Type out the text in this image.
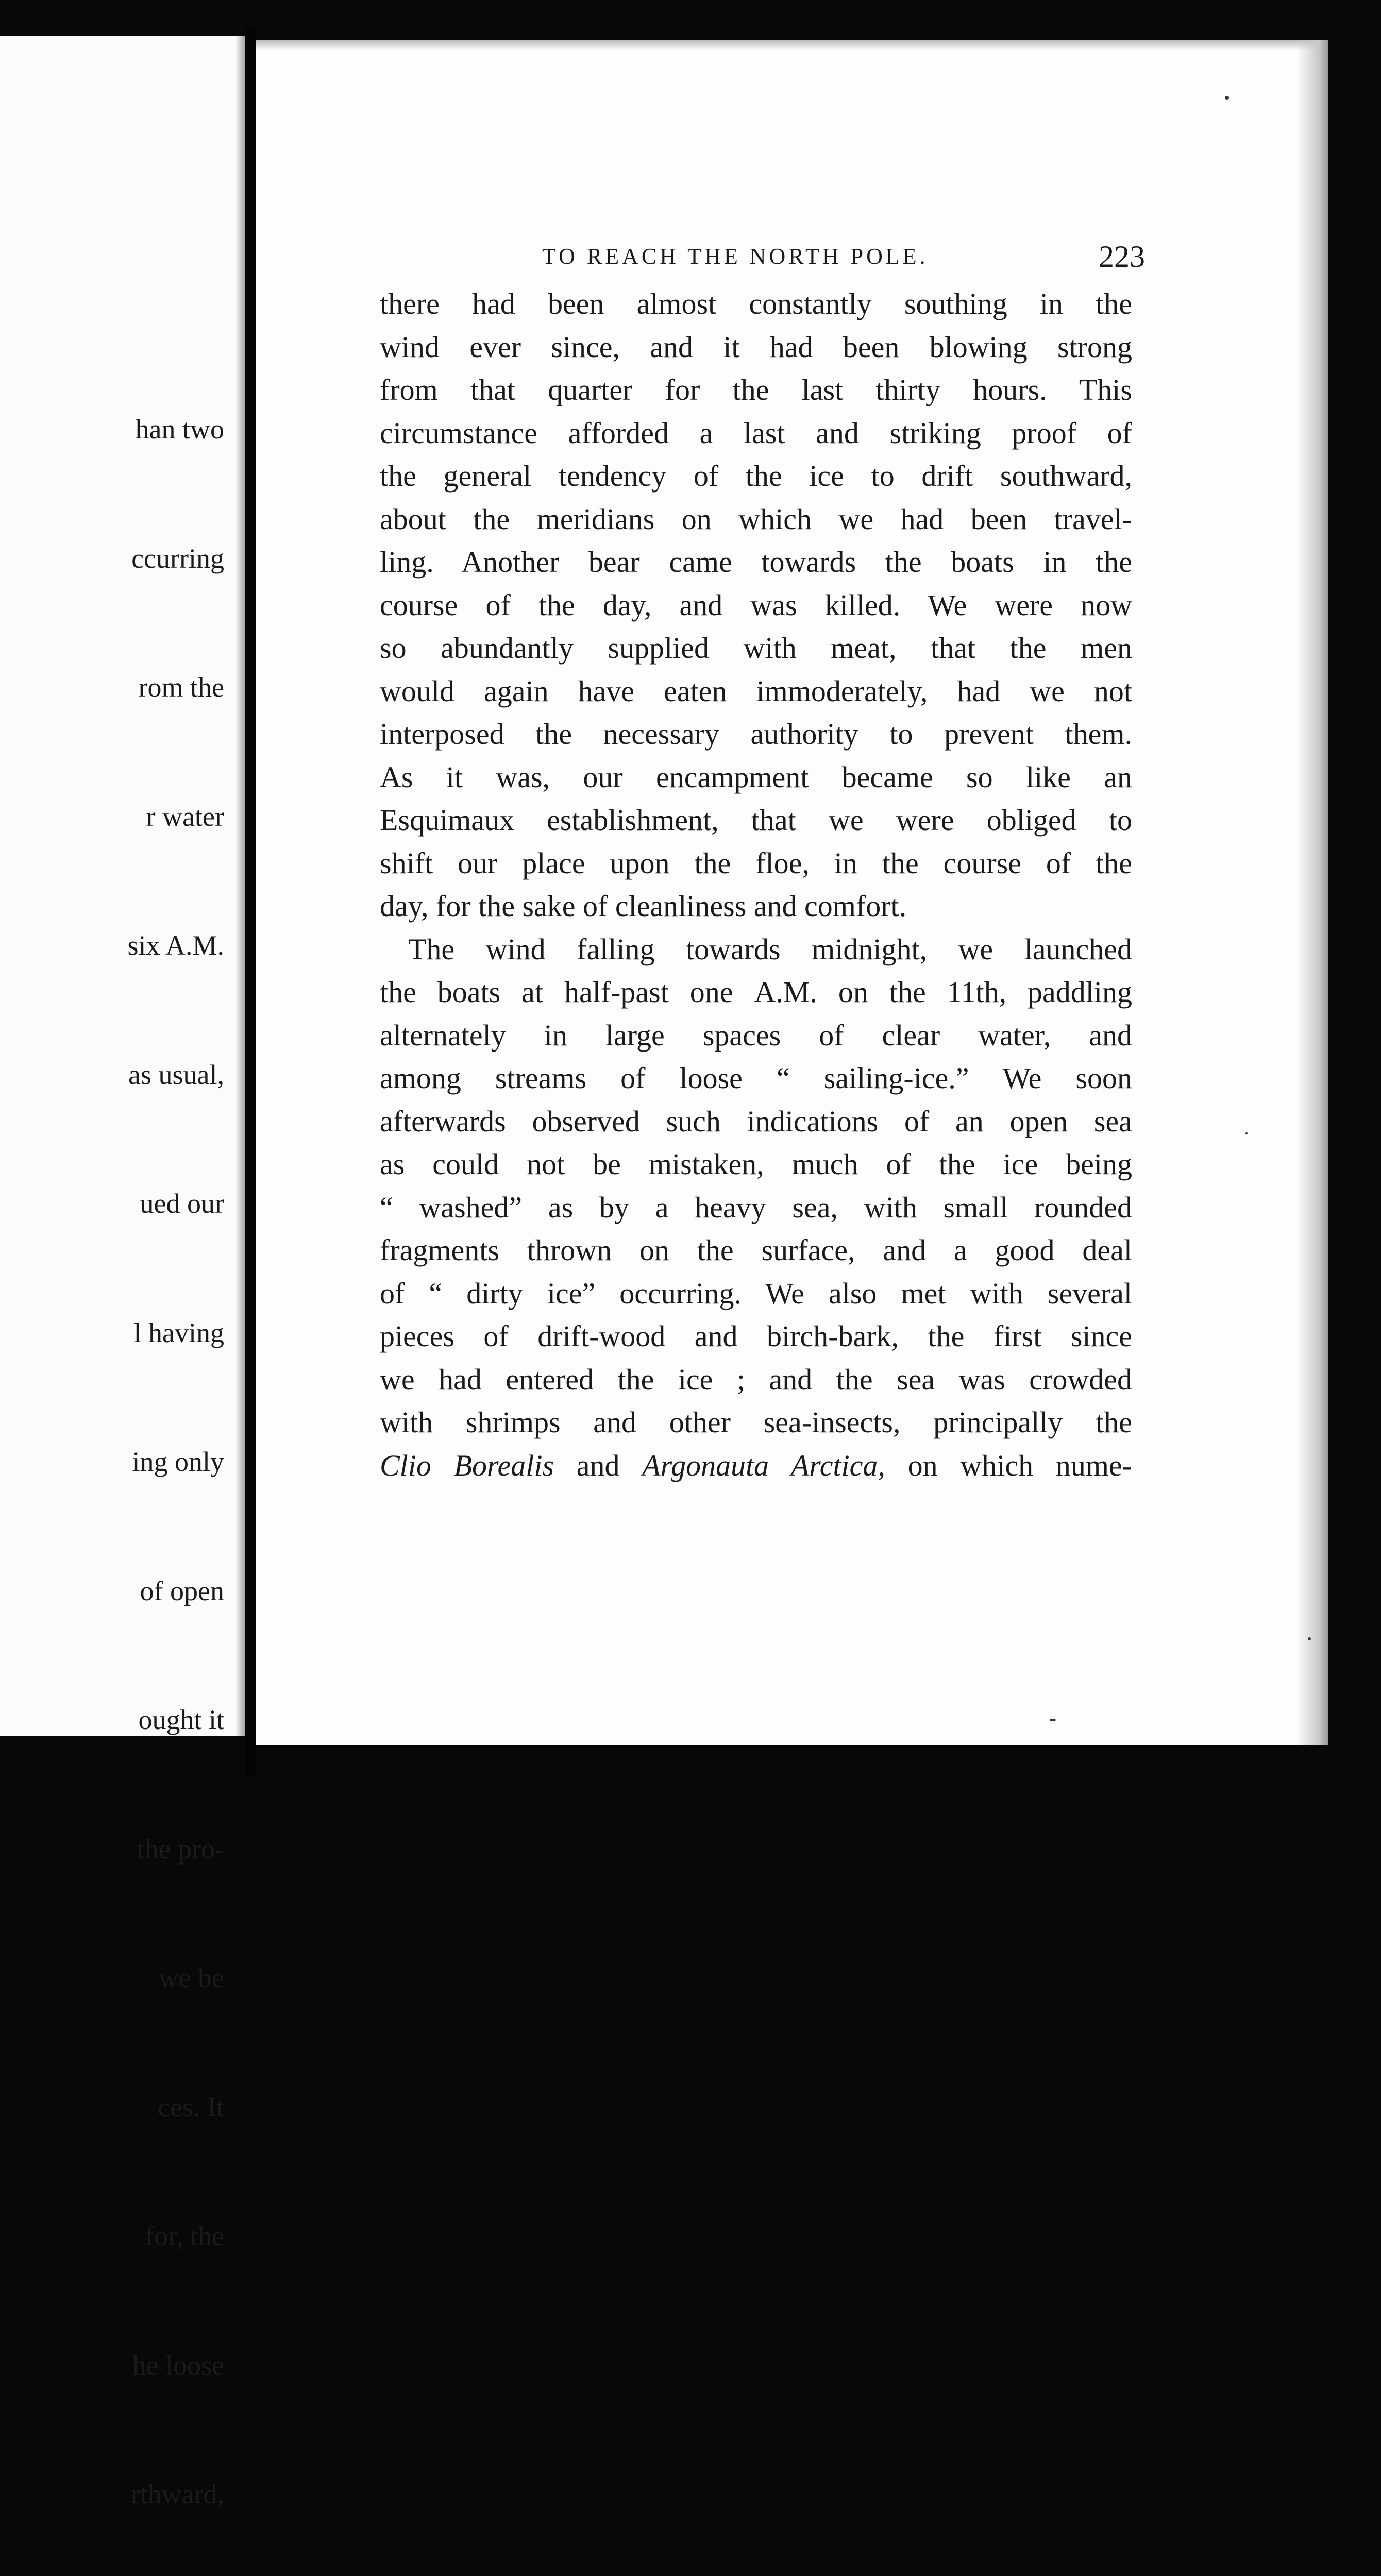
han two

ccurring

rom the

r water

six A.M.

as usual,

ued our

l having

ing only

of open

ought it

the pro-

we be

ces. It

for, the

he loose

rthward,

TO REACH THE NORTH POLE.	223
there had been almost constantly southing in the
wind ever since, and it had been blowing strong
from that quarter for the last thirty hours. This
circumstance afforded a last and striking proof of
the general tendency of the ice to drift southward,
about the meridians on which we had been travel-
ling. Another bear came towards the boats in the
course of the day, and was killed. We were now
so abundantly supplied with meat, that the men
would again have eaten immoderately, had we not
interposed the necessary authority to prevent them.
As it was, our encampment became so like an
Esquimaux establishment, that we were obliged to
shift our place upon the floe, in the course of the
day, for the sake of cleanliness and comfort.
The wind falling towards midnight, we launched
the boats at half-past one A.M. on the 11th, paddling
alternately in large spaces of clear water, and
among streams of loose “ sailing-ice.” We soon
afterwards observed such indications of an open sea
as could not be mistaken, much of the ice being
“ washed” as by a heavy sea, with small rounded
fragments thrown on the surface, and a good deal
of “ dirty ice” occurring. We also met with several
pieces of drift-wood and birch-bark, the first since
we had entered the ice ; and the sea was crowded
with shrimps and other sea-insects, principally the
Clio Borealis and Argonauta Arctica, on which nume-
